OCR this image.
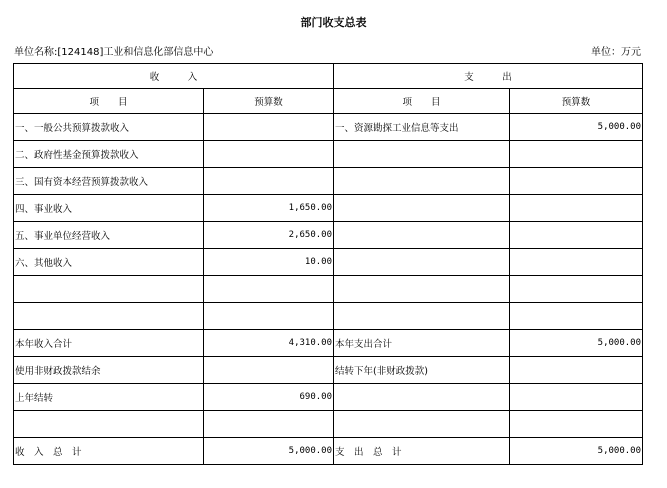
部门收支总表
单位名称:[124148]工业和信息化部信息中心	单位：万元
收　　　入		支　　　出	
项　　目	预算数	项　　目	预算数
一、一般公共预算拨款收入		一、资源勘探工业信息等支出	5,000.00
二、政府性基金预算拨款收入			
三、国有资本经营预算拨款收入			
四、事业收入	1,650.00		
五、事业单位经营收入	2,650.00		
六、其他收入	10.00		

本年收入合计	4,310.00	本年支出合计	5,000.00
使用非财政拨款结余		结转下年(非财政拨款)	
上年结转	690.00		

收　入　总　计	5,000.00	支　出　总　计	5,000.00
